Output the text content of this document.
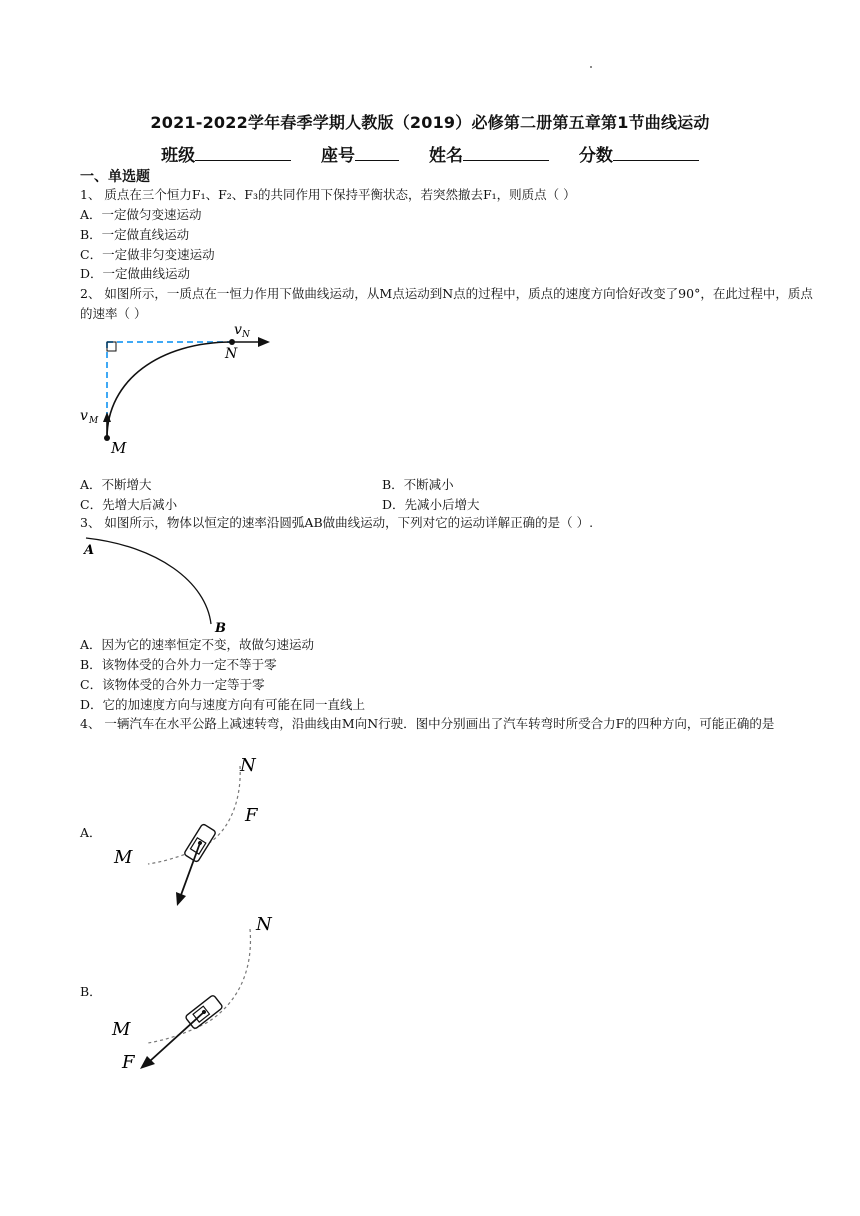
2021-2022学年春季学期人教版（2019）必修第二册第五章第1节曲线运动
班级	座号	姓名	分数
一、单选题
1、 质点在三个恒力F₁、F₂、F₃的共同作用下保持平衡状态，若突然撤去F₁，则质点（ ）
A．一定做匀变速运动
B．一定做直线运动
C．一定做非匀变速运动
D．一定做曲线运动
2、 如图所示，一质点在一恒力作用下做曲线运动，从M点运动到N点的过程中，质点的速度方向恰好改变了90°，在此过程中，质点的速率（ ）
v N
N
v M
M
A．不断增大	B．不断减小
C．先增大后减小	D．先减小后增大
3、 如图所示，物体以恒定的速率沿圆弧AB做曲线运动，下列对它的运动详解正确的是（ ）.
A
B
A．因为它的速率恒定不变，故做匀速运动
B．该物体受的合外力一定不等于零
C．该物体受的合外力一定等于零
D．它的加速度方向与速度方向有可能在同一直线上
4、 一辆汽车在水平公路上减速转弯，沿曲线由M向N行驶．图中分别画出了汽车转弯时所受合力F的四种方向，可能正确的是
A．
N
F
M
B．
N
M
F
